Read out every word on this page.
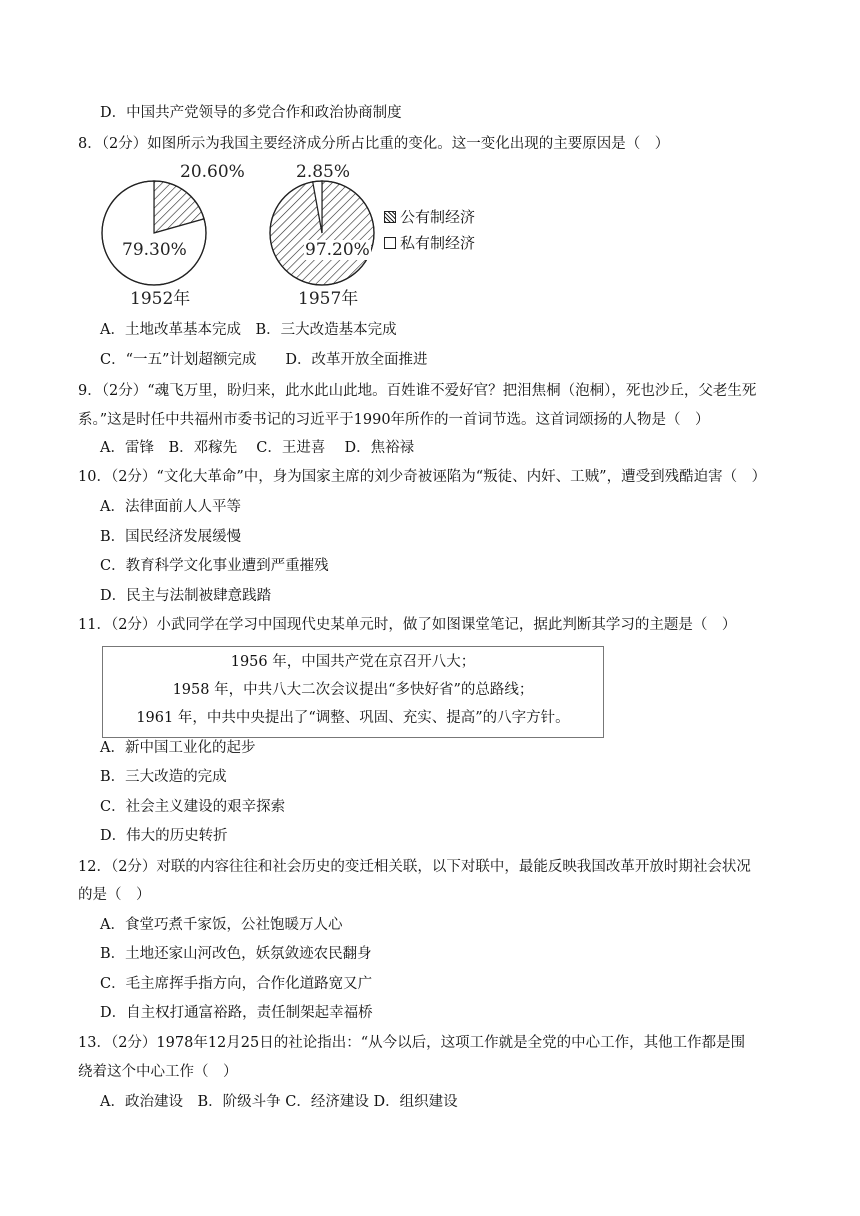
D．中国共产党领导的多党合作和政治协商制度
8．（2分）如图所示为我国主要经济成分所占比重的变化。这一变化出现的主要原因是（　）
20.60%
79.30%
1952年
2.85%
97.20%
1957年
公有制经济
私有制经济
A．土地改革基本完成　B．三大改造基本完成
C．“一五”计划超额完成　　D．改革开放全面推进
9．（2分）“魂飞万里，盼归来，此水此山此地。百姓谁不爱好官？把泪焦桐（泡桐），死也沙丘，父老生死
系。”这是时任中共福州市委书记的习近平于1990年所作的一首词节选。这首词颂扬的人物是（　）
A．雷锋　B．邓稼先　 C．王进喜　 D．焦裕禄
10．（2分）“文化大革命”中，身为国家主席的刘少奇被诬陷为“叛徒、内奸、工贼”，遭受到残酷迫害（　）
A．法律面前人人平等
B．国民经济发展缓慢
C．教育科学文化事业遭到严重摧残
D．民主与法制被肆意践踏
11．（2分）小武同学在学习中国现代史某单元时，做了如图课堂笔记，据此判断其学习的主题是（　）
1956 年，中国共产党在京召开八大；
1958 年，中共八大二次会议提出“多快好省”的总路线；
1961 年，中共中央提出了“调整、巩固、充实、提高”的八字方针。
A．新中国工业化的起步
B．三大改造的完成
C．社会主义建设的艰辛探索
D．伟大的历史转折
12．（2分）对联的内容往往和社会历史的变迁相关联，以下对联中，最能反映我国改革开放时期社会状况
的是（　）
A．食堂巧煮千家饭，公社饱暖万人心
B．土地还家山河改色，妖氛敛迹农民翻身
C．毛主席挥手指方向，合作化道路宽又广
D．自主权打通富裕路，责任制架起幸福桥
13．（2分）1978年12月25日的社论指出：“从今以后，这项工作就是全党的中心工作，其他工作都是围
绕着这个中心工作（　）
A．政治建设　B．阶级斗争 C．经济建设 D．组织建设
